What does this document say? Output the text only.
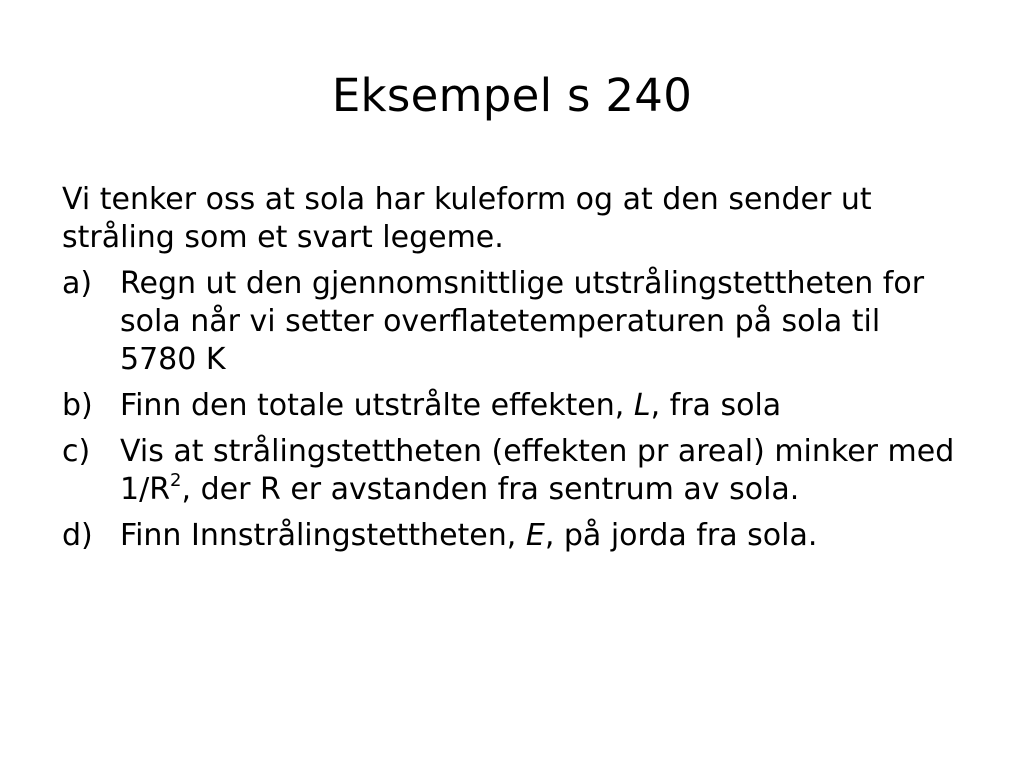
Eksempel s 240

Vi tenker oss at sola har kuleform og at den sender ut stråling som et svart legeme.

a) Regn ut den gjennomsnittlige utstrålingstettheten for sola når vi setter overflatetemperaturen på sola til 5780 K
b) Finn den totale utstrålte effekten, L, fra sola
c) Vis at strålingstettheten (effekten pr areal) minker med $1/R^2$, der R er avstanden fra sentrum av sola.
d) Finn Innstrålingstettheten, E, på jorda fra sola.
